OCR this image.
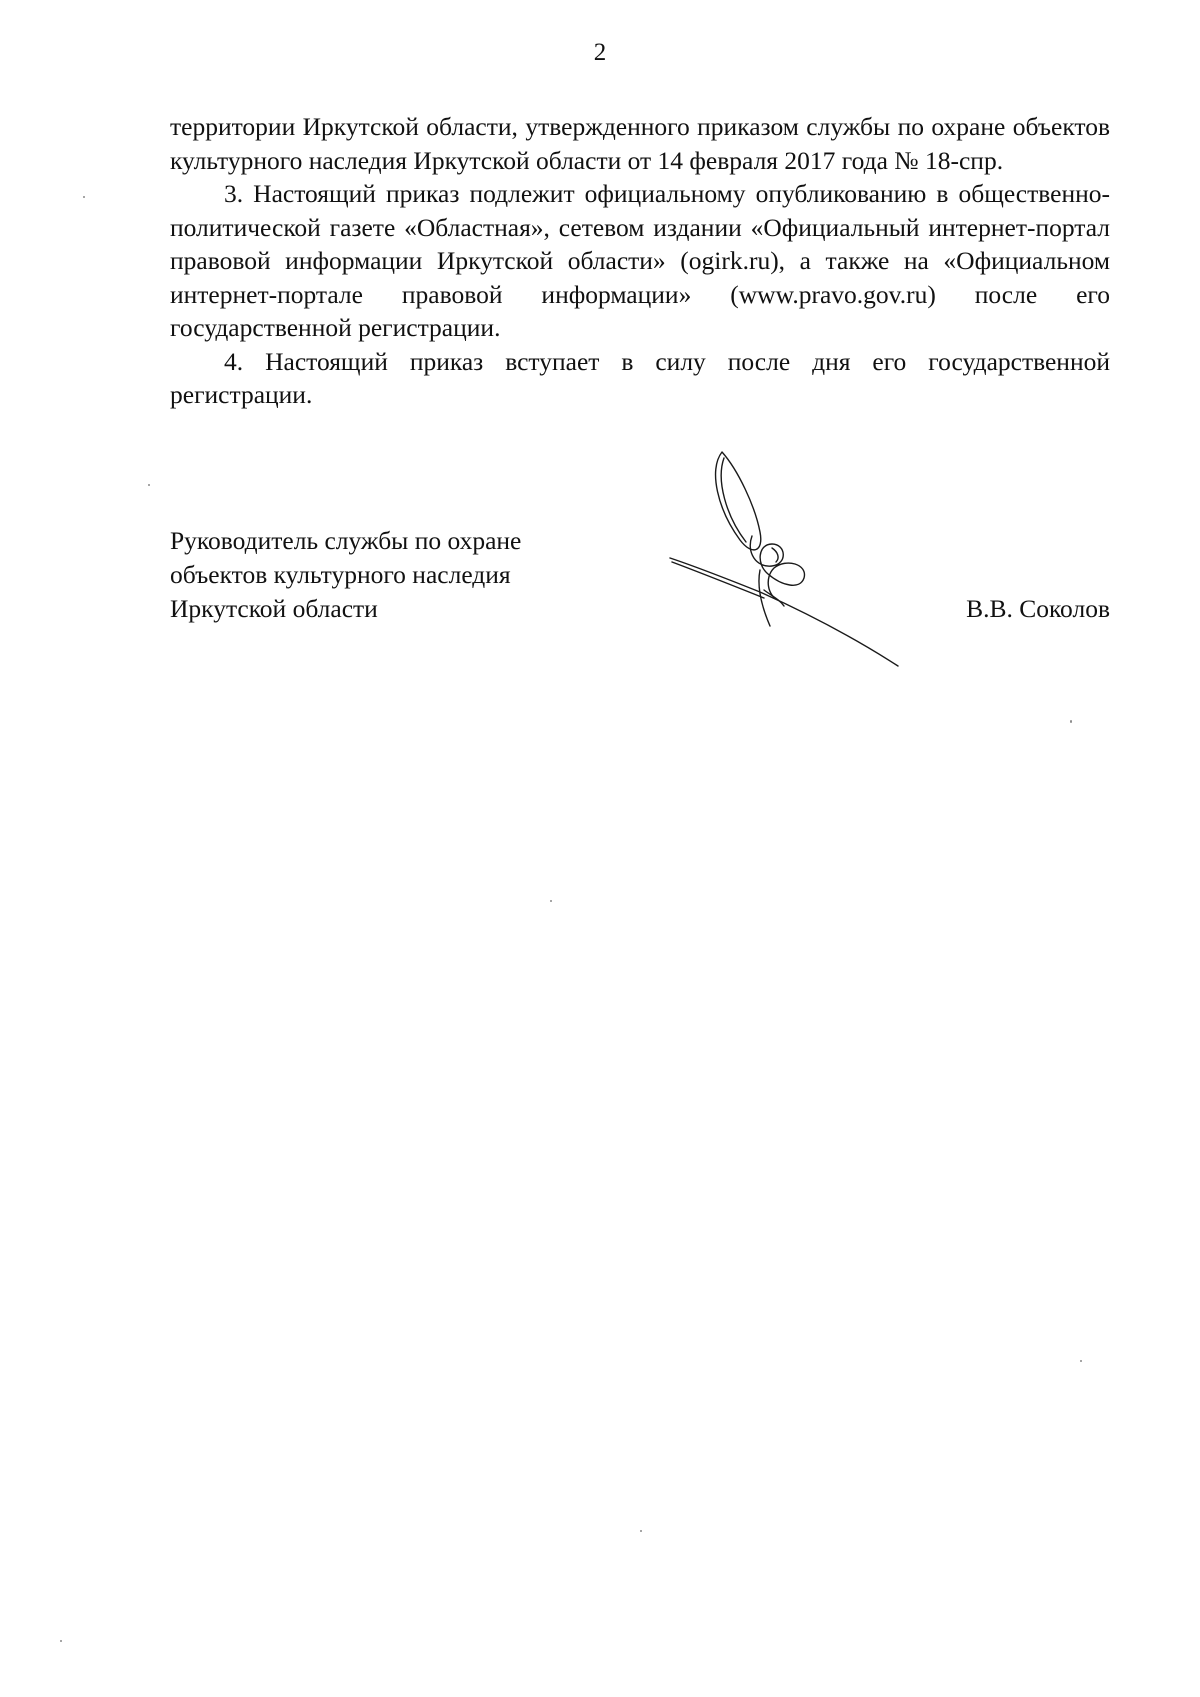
2

территории Иркутской области, утвержденного приказом службы по охране объектов культурного наследия Иркутской области от 14 февраля 2017 года № 18-спр.

3. Настоящий приказ подлежит официальному опубликованию в общественно-политической газете «Областная», сетевом издании «Официальный интернет-портал правовой информации Иркутской области» (ogirk.ru), а также на «Официальном интернет-портале правовой информации» (www.pravo.gov.ru) после его государственной регистрации.

4. Настоящий приказ вступает в силу после дня его государственной регистрации.

Руководитель службы по охране
объектов культурного наследия
Иркутской области	В.В. Соколов
